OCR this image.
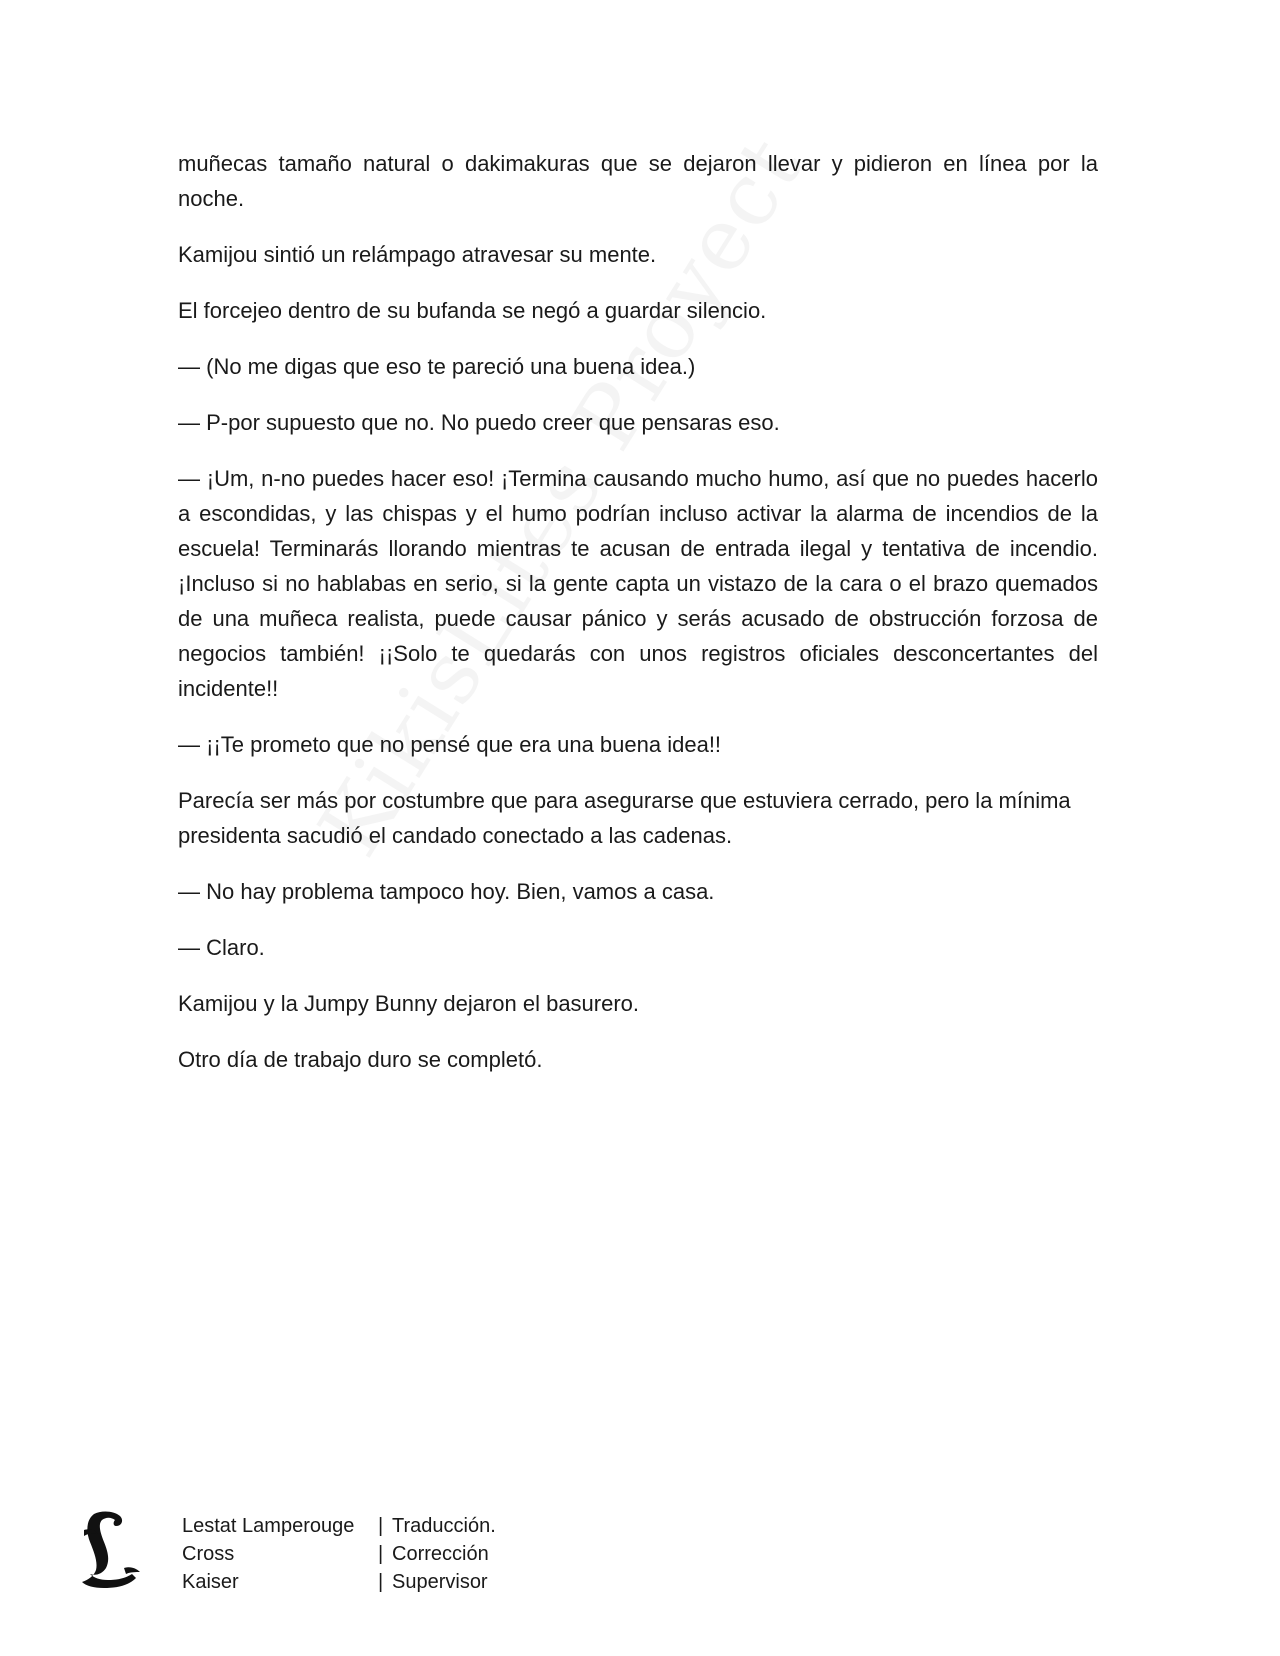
muñecas tamaño natural o dakimakuras que se dejaron llevar y pidieron en línea por la noche.

Kamijou sintió un relámpago atravesar su mente.

El forcejeo dentro de su bufanda se negó a guardar silencio.

— (No me digas que eso te pareció una buena idea.)

— P-por supuesto que no. No puedo creer que pensaras eso.

— ¡Um, n-no puedes hacer eso! ¡Termina causando mucho humo, así que no puedes hacerlo a escondidas, y las chispas y el humo podrían incluso activar la alarma de incendios de la escuela! Terminarás llorando mientras te acusan de entrada ilegal y tentativa de incendio. ¡Incluso si no hablabas en serio, si la gente capta un vistazo de la cara o el brazo quemados de una muñeca realista, puede causar pánico y serás acusado de obstrucción forzosa de negocios también! ¡¡Solo te quedarás con unos registros oficiales desconcertantes del incidente!!

— ¡¡Te prometo que no pensé que era una buena idea!!

Parecía ser más por costumbre que para asegurarse que estuviera cerrado, pero la mínima presidenta sacudió el candado conectado a las cadenas.

— No hay problema tampoco hoy. Bien, vamos a casa.

— Claro.

Kamijou y la Jumpy Bunny dejaron el basurero.

Otro día de trabajo duro se completó.

Lestat Lamperouge	| Traducción.
Cross	| Corrección
Kaiser	| Supervisor
